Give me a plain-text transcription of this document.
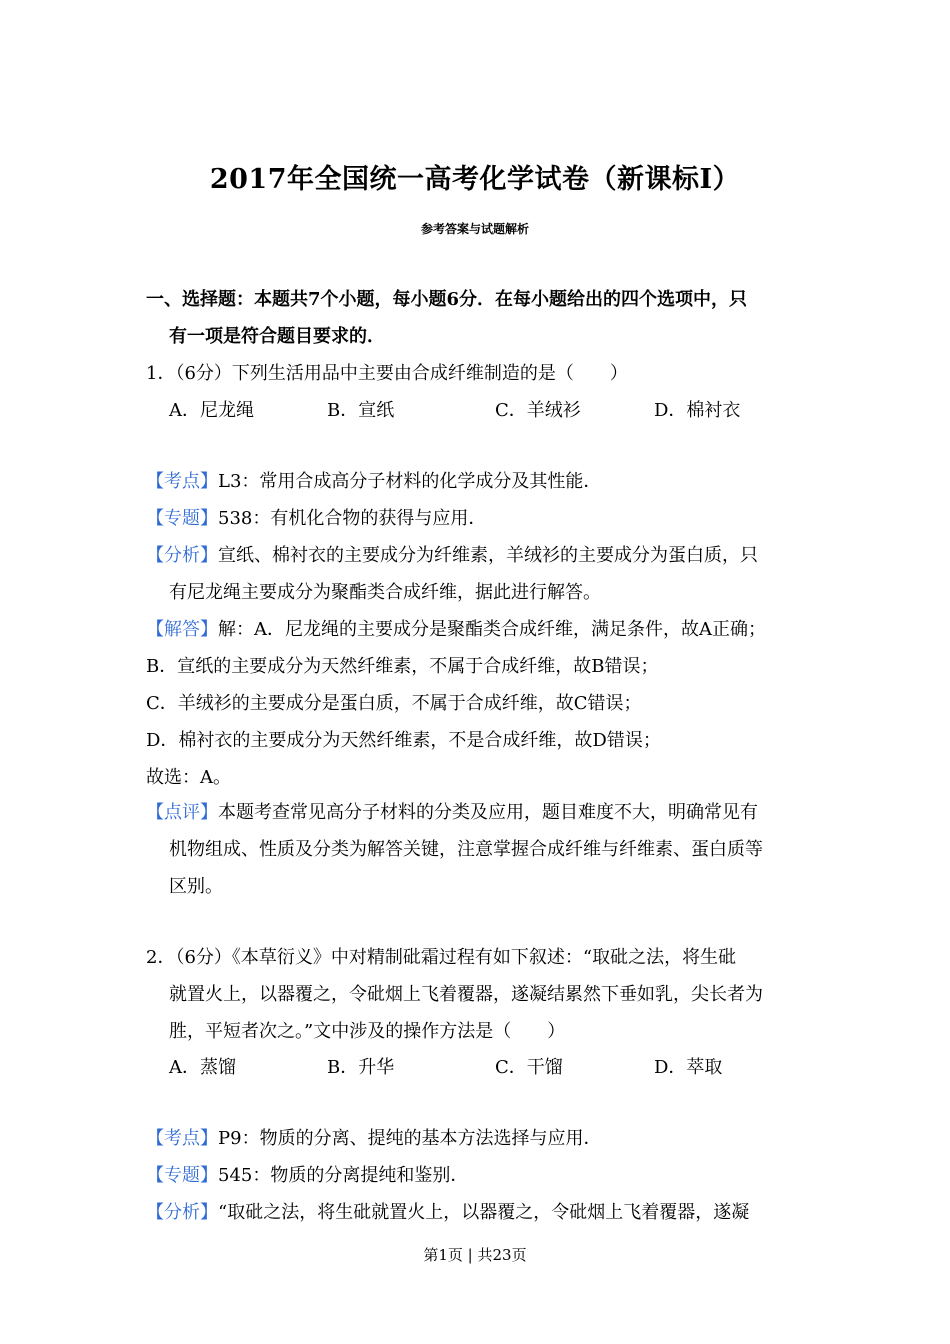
2017年全国统一高考化学试卷（新课标Ⅰ）
参考答案与试题解析
一、选择题：本题共7个小题，每小题6分．在每小题给出的四个选项中，只
有一项是符合题目要求的．
1．（6分）下列生活用品中主要由合成纤维制造的是（　　）
A．尼龙绳	B．宣纸	C．羊绒衫	D．棉衬衣
【考点】L3：常用合成高分子材料的化学成分及其性能．
【专题】538：有机化合物的获得与应用．
【分析】宣纸、棉衬衣的主要成分为纤维素，羊绒衫的主要成分为蛋白质，只
有尼龙绳主要成分为聚酯类合成纤维，据此进行解答。
【解答】解：A．尼龙绳的主要成分是聚酯类合成纤维，满足条件，故A正确；
B．宣纸的主要成分为天然纤维素，不属于合成纤维，故B错误；
C．羊绒衫的主要成分是蛋白质，不属于合成纤维，故C错误；
D．棉衬衣的主要成分为天然纤维素，不是合成纤维，故D错误；
故选：A。
【点评】本题考查常见高分子材料的分类及应用，题目难度不大，明确常见有
机物组成、性质及分类为解答关键，注意掌握合成纤维与纤维素、蛋白质等
区别。
2．（6分）《本草衍义》中对精制砒霜过程有如下叙述：“取砒之法，将生砒
就置火上，以器覆之，令砒烟上飞着覆器，遂凝结累然下垂如乳，尖长者为
胜，平短者次之。”文中涉及的操作方法是（　　）
A．蒸馏	B．升华	C．干馏	D．萃取
【考点】P9：物质的分离、提纯的基本方法选择与应用．
【专题】545：物质的分离提纯和鉴别．
【分析】“取砒之法，将生砒就置火上，以器覆之，令砒烟上飞着覆器，遂凝
第1页 | 共23页
